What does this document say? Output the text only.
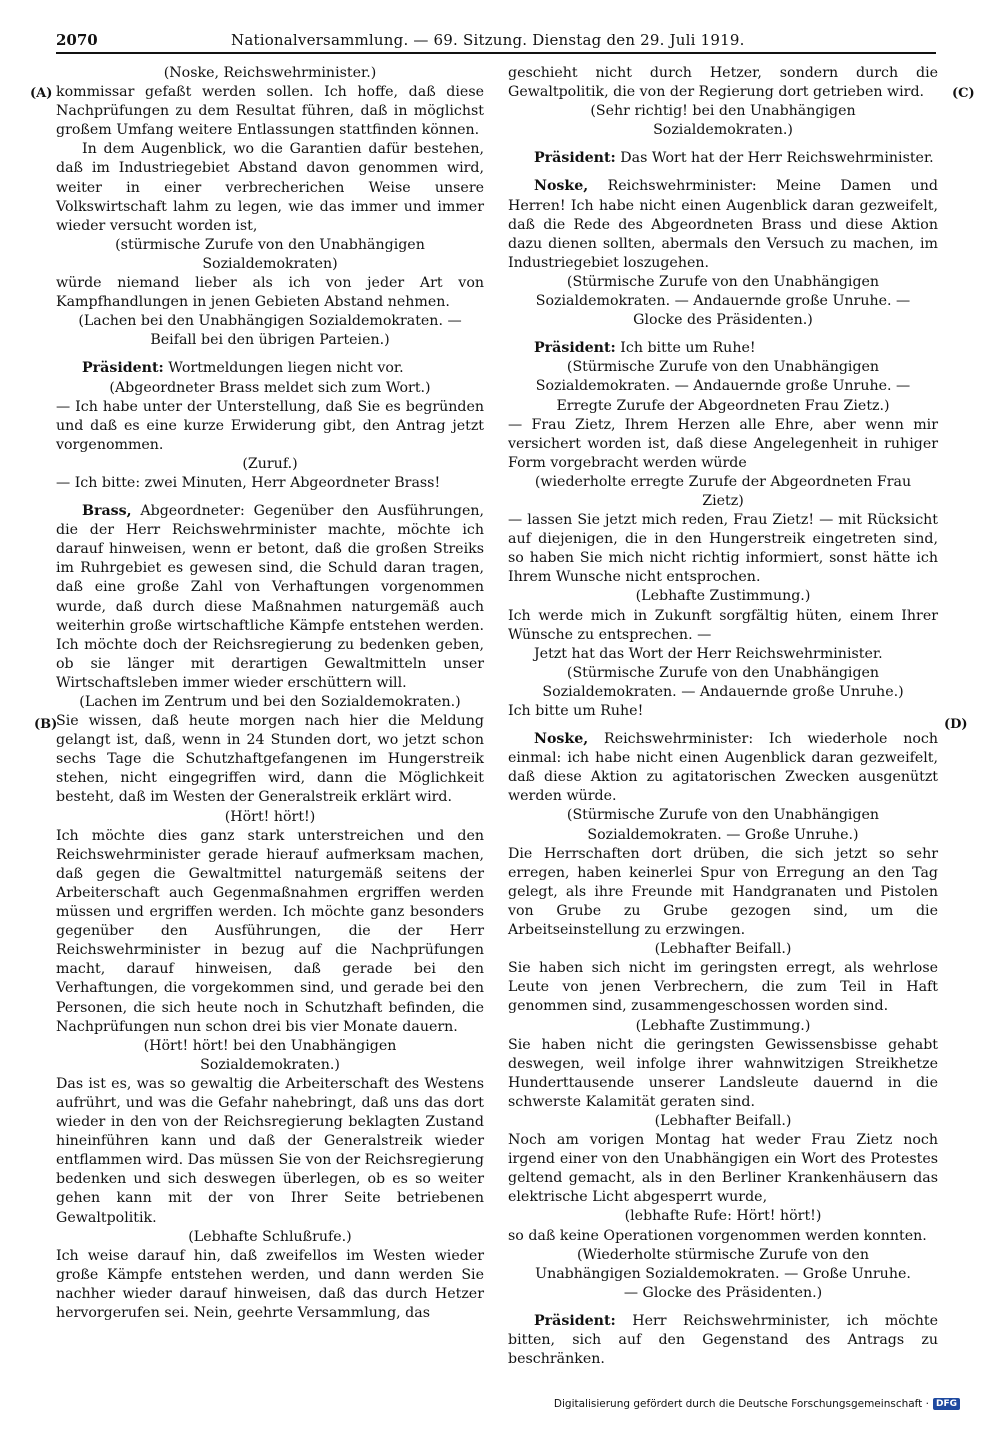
2070	Nationalversammlung. — 69. Sitzung. Dienstag den 29. Juli 1919.
(A)
(B)
(C)
(D)

(Noske, Reichswehrminister.)

kommissar gefaßt werden sollen. Ich hoffe, daß diese Nachprüfungen zu dem Resultat führen, daß in möglichst großem Umfang weitere Entlassungen stattfinden können.

In dem Augenblick, wo die Garantien dafür bestehen, daß im Industriegebiet Abstand davon genommen wird, weiter in einer verbrecherichen Weise unsere Volkswirtschaft lahm zu legen, wie das immer und immer wieder versucht worden ist,

(stürmische Zurufe von den Unabhängigen Sozialdemokraten)

würde niemand lieber als ich von jeder Art von Kampfhandlungen in jenen Gebieten Abstand nehmen.

(Lachen bei den Unabhängigen Sozialdemokraten. — Beifall bei den übrigen Parteien.)

Präsident: Wortmeldungen liegen nicht vor.

(Abgeordneter Brass meldet sich zum Wort.)

— Ich habe unter der Unterstellung, daß Sie es begründen und daß es eine kurze Erwiderung gibt, den Antrag jetzt vorgenommen.

(Zuruf.)

— Ich bitte: zwei Minuten, Herr Abgeordneter Brass!

Brass, Abgeordneter: Gegenüber den Ausführungen, die der Herr Reichswehrminister machte, möchte ich darauf hinweisen, wenn er betont, daß die großen Streiks im Ruhrgebiet es gewesen sind, die Schuld daran tragen, daß eine große Zahl von Verhaftungen vorgenommen wurde, daß durch diese Maßnahmen naturgemäß auch weiterhin große wirtschaftliche Kämpfe entstehen werden. Ich möchte doch der Reichsregierung zu bedenken geben, ob sie länger mit derartigen Gewaltmitteln unser Wirtschaftsleben immer wieder erschüttern will.

(Lachen im Zentrum und bei den Sozialdemokraten.)

Sie wissen, daß heute morgen nach hier die Meldung gelangt ist, daß, wenn in 24 Stunden dort, wo jetzt schon sechs Tage die Schutzhaftgefangenen im Hungerstreik stehen, nicht eingegriffen wird, dann die Möglichkeit besteht, daß im Westen der Generalstreik erklärt wird.

(Hört! hört!)

Ich möchte dies ganz stark unterstreichen und den Reichswehrminister gerade hierauf aufmerksam machen, daß gegen die Gewaltmittel naturgemäß seitens der Arbeiterschaft auch Gegenmaßnahmen ergriffen werden müssen und ergriffen werden. Ich möchte ganz besonders gegenüber den Ausführungen, die der Herr Reichswehrminister in bezug auf die Nachprüfungen macht, darauf hinweisen, daß gerade bei den Verhaftungen, die vorgekommen sind, und gerade bei den Personen, die sich heute noch in Schutzhaft befinden, die Nachprüfungen nun schon drei bis vier Monate dauern.

(Hört! hört! bei den Unabhängigen Sozialdemokraten.)

Das ist es, was so gewaltig die Arbeiterschaft des Westens aufrührt, und was die Gefahr nahebringt, daß uns das dort wieder in den von der Reichsregierung beklagten Zustand hineinführen kann und daß der Generalstreik wieder entflammen wird. Das müssen Sie von der Reichsregierung bedenken und sich deswegen überlegen, ob es so weiter gehen kann mit der von Ihrer Seite betriebenen Gewaltpolitik.

(Lebhafte Schlußrufe.)

Ich weise darauf hin, daß zweifellos im Westen wieder große Kämpfe entstehen werden, und dann werden Sie nachher wieder darauf hinweisen, daß das durch Hetzer hervorgerufen sei. Nein, geehrte Versammlung, das

geschieht nicht durch Hetzer, sondern durch die Gewaltpolitik, die von der Regierung dort getrieben wird.

(Sehr richtig! bei den Unabhängigen Sozialdemokraten.)

Präsident: Das Wort hat der Herr Reichswehrminister.

Noske, Reichswehrminister: Meine Damen und Herren! Ich habe nicht einen Augenblick daran gezweifelt, daß die Rede des Abgeordneten Brass und diese Aktion dazu dienen sollten, abermals den Versuch zu machen, im Industriegebiet loszugehen.

(Stürmische Zurufe von den Unabhängigen Sozialdemokraten. — Andauernde große Unruhe. — Glocke des Präsidenten.)

Präsident: Ich bitte um Ruhe!

(Stürmische Zurufe von den Unabhängigen Sozialdemokraten. — Andauernde große Unruhe. — Erregte Zurufe der Abgeordneten Frau Zietz.)

— Frau Zietz, Ihrem Herzen alle Ehre, aber wenn mir versichert worden ist, daß diese Angelegenheit in ruhiger Form vorgebracht werden würde

(wiederholte erregte Zurufe der Abgeordneten Frau Zietz)

— lassen Sie jetzt mich reden, Frau Zietz! — mit Rücksicht auf diejenigen, die in den Hungerstreik eingetreten sind, so haben Sie mich nicht richtig informiert, sonst hätte ich Ihrem Wunsche nicht entsprochen.

(Lebhafte Zustimmung.)

Ich werde mich in Zukunft sorgfältig hüten, einem Ihrer Wünsche zu entsprechen. —

Jetzt hat das Wort der Herr Reichswehrminister.

(Stürmische Zurufe von den Unabhängigen Sozialdemokraten. — Andauernde große Unruhe.)

Ich bitte um Ruhe!

Noske, Reichswehrminister: Ich wiederhole noch einmal: ich habe nicht einen Augenblick daran gezweifelt, daß diese Aktion zu agitatorischen Zwecken ausgenützt werden würde.

(Stürmische Zurufe von den Unabhängigen Sozialdemokraten. — Große Unruhe.)

Die Herrschaften dort drüben, die sich jetzt so sehr erregen, haben keinerlei Spur von Erregung an den Tag gelegt, als ihre Freunde mit Handgranaten und Pistolen von Grube zu Grube gezogen sind, um die Arbeitseinstellung zu erzwingen.

(Lebhafter Beifall.)

Sie haben sich nicht im geringsten erregt, als wehrlose Leute von jenen Verbrechern, die zum Teil in Haft genommen sind, zusammengeschossen worden sind.

(Lebhafte Zustimmung.)

Sie haben nicht die geringsten Gewissensbisse gehabt deswegen, weil infolge ihrer wahnwitzigen Streikhetze Hunderttausende unserer Landsleute dauernd in die schwerste Kalamität geraten sind.

(Lebhafter Beifall.)

Noch am vorigen Montag hat weder Frau Zietz noch irgend einer von den Unabhängigen ein Wort des Protestes geltend gemacht, als in den Berliner Krankenhäusern das elektrische Licht abgesperrt wurde,

(lebhafte Rufe: Hört! hört!)

so daß keine Operationen vorgenommen werden konnten.

(Wiederholte stürmische Zurufe von den Unabhängigen Sozialdemokraten. — Große Unruhe. — Glocke des Präsidenten.)

Präsident: Herr Reichswehrminister, ich möchte bitten, sich auf den Gegenstand des Antrags zu beschränken.

Digitalisierung gefördert durch die Deutsche Forschungsgemeinschaft · DFG
